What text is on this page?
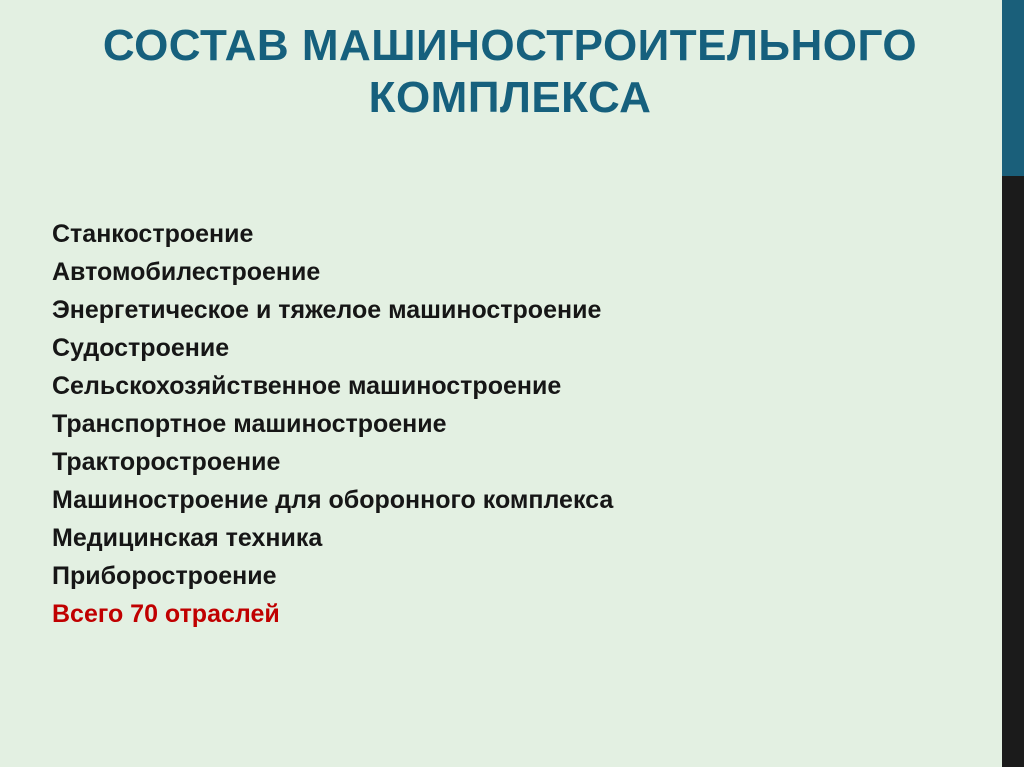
СОСТАВ МАШИНОСТРОИТЕЛЬНОГО КОМПЛЕКСА
Станкостроение
Автомобилестроение
Энергетическое и тяжелое машиностроение
Судостроение
Сельскохозяйственное машиностроение
Транспортное машиностроение
Тракторостроение
Машиностроение для оборонного комплекса
Медицинская техника
Приборостроение
Всего 70 отраслей
